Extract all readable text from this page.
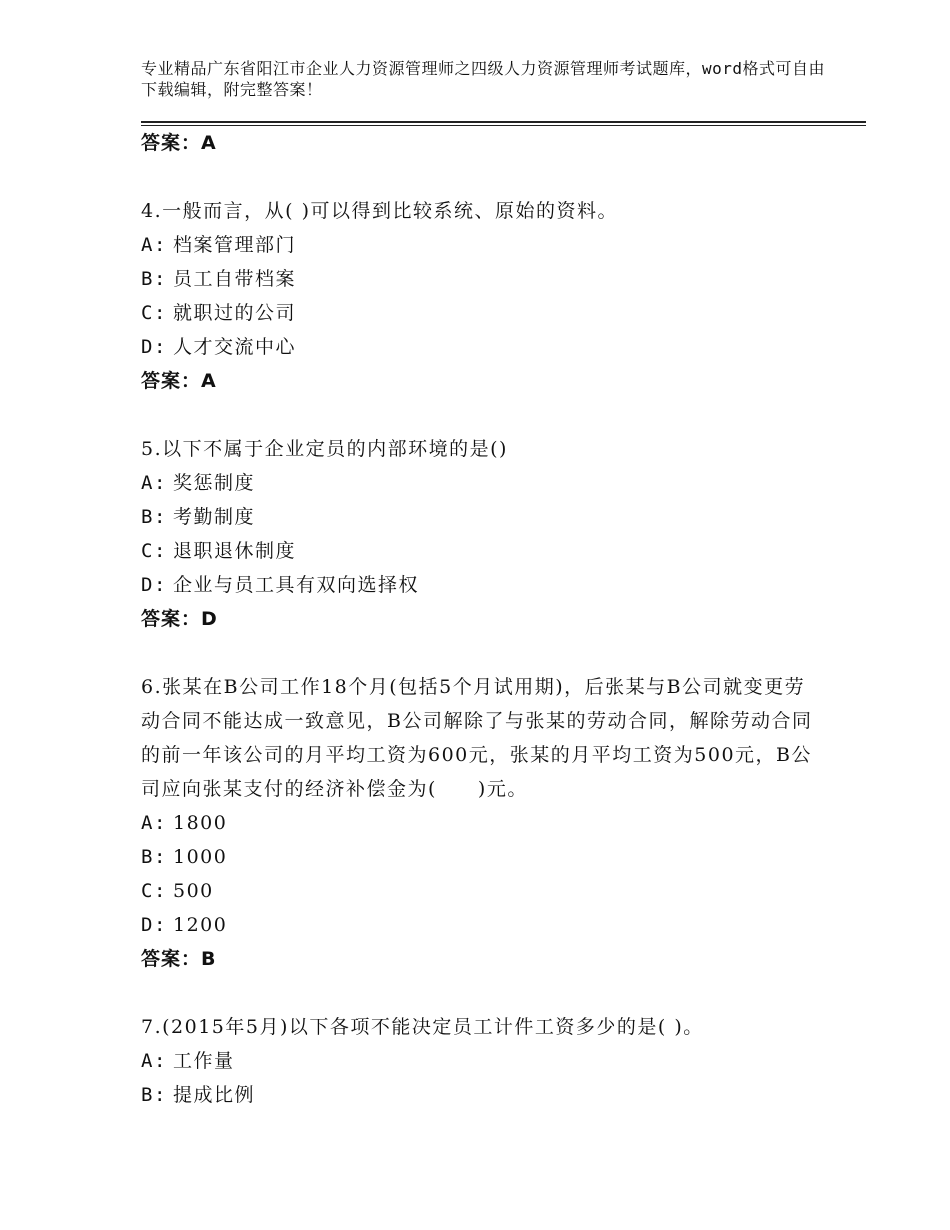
专业精品广东省阳江市企业人力资源管理师之四级人力资源管理师考试题库，word格式可自由下载编辑，附完整答案！
答案：A
4.一般而言，从( )可以得到比较系统、原始的资料。
A: 档案管理部门
B: 员工自带档案
C: 就职过的公司
D: 人才交流中心
答案：A
5.以下不属于企业定员的内部环境的是()
A: 奖惩制度
B: 考勤制度
C: 退职退休制度
D: 企业与员工具有双向选择权
答案：D
6.张某在B公司工作18个月(包括5个月试用期)，后张某与B公司就变更劳动合同不能达成一致意见，B公司解除了与张某的劳动合同，解除劳动合同的前一年该公司的月平均工资为600元，张某的月平均工资为500元，B公司应向张某支付的经济补偿金为(　　)元。
A: 1800
B: 1000
C: 500
D: 1200
答案：B
7.(2015年5月)以下各项不能决定员工计件工资多少的是( )。
A: 工作量
B: 提成比例
